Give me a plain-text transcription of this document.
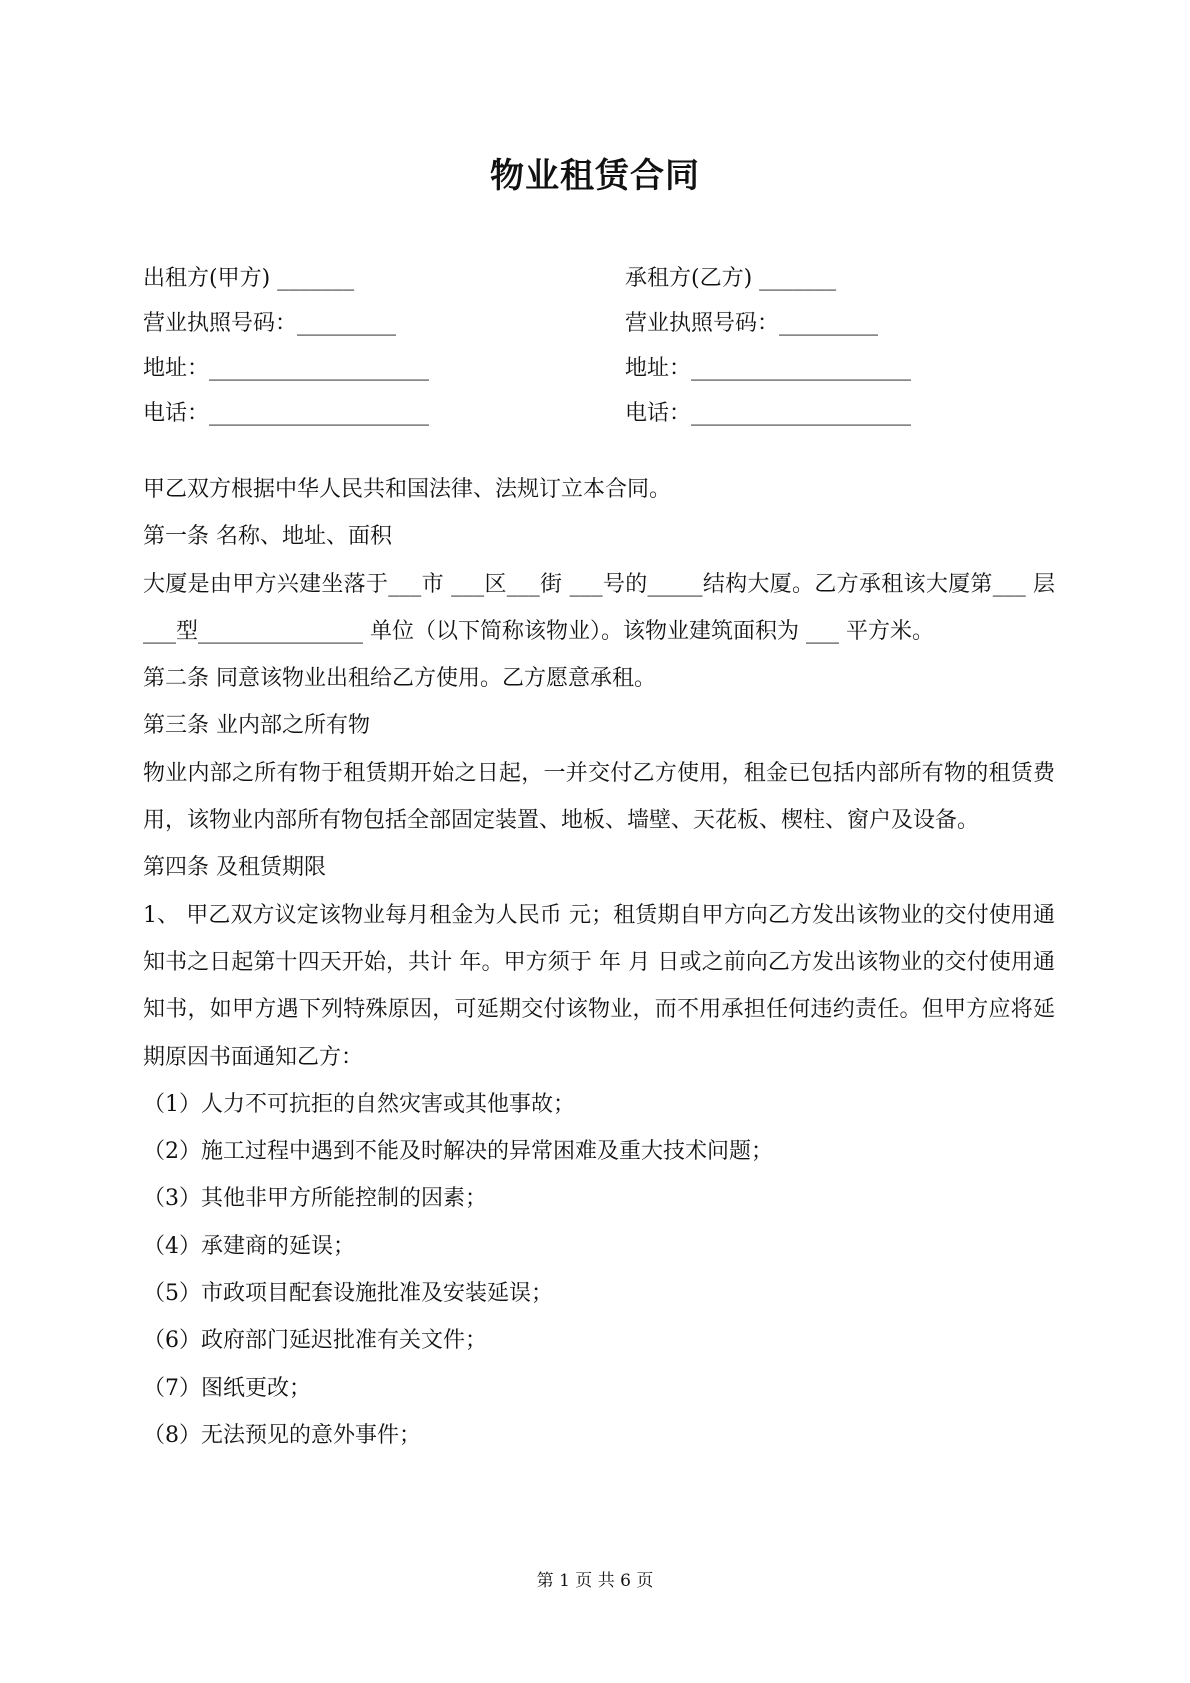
物业租赁合同
出租方(甲方) _______	承租方(乙方) _______
营业执照号码：_________	营业执照号码：_________
地址：____________________	地址：____________________
电话：____________________	电话：____________________

甲乙双方根据中华人民共和国法律、法规订立本合同。

第一条 名称、地址、面积

大厦是由甲方兴建坐落于___市 ___区___街 ___号的_____结构大厦。乙方承租该大厦第___ 层 ___型_______________ 单位（以下简称该物业）。该物业建筑面积为 ___ 平方米。

第二条 同意该物业出租给乙方使用。乙方愿意承租。

第三条 业内部之所有物

物业内部之所有物于租赁期开始之日起，一并交付乙方使用，租金已包括内部所有物的租赁费用，该物业内部所有物包括全部固定装置、地板、墙壁、天花板、楔柱、窗户及设备。

第四条 及租赁期限

1、 甲乙双方议定该物业每月租金为人民币 元；租赁期自甲方向乙方发出该物业的交付使用通知书之日起第十四天开始，共计 年。甲方须于 年 月 日或之前向乙方发出该物业的交付使用通知书，如甲方遇下列特殊原因，可延期交付该物业，而不用承担任何违约责任。但甲方应将延期原因书面通知乙方：

（1）人力不可抗拒的自然灾害或其他事故；

（2）施工过程中遇到不能及时解决的异常困难及重大技术问题；

（3）其他非甲方所能控制的因素；

（4）承建商的延误；

（5）市政项目配套设施批准及安装延误；

（6）政府部门延迟批准有关文件；

（7）图纸更改；

（8）无法预见的意外事件；

第 1 页 共 6 页
